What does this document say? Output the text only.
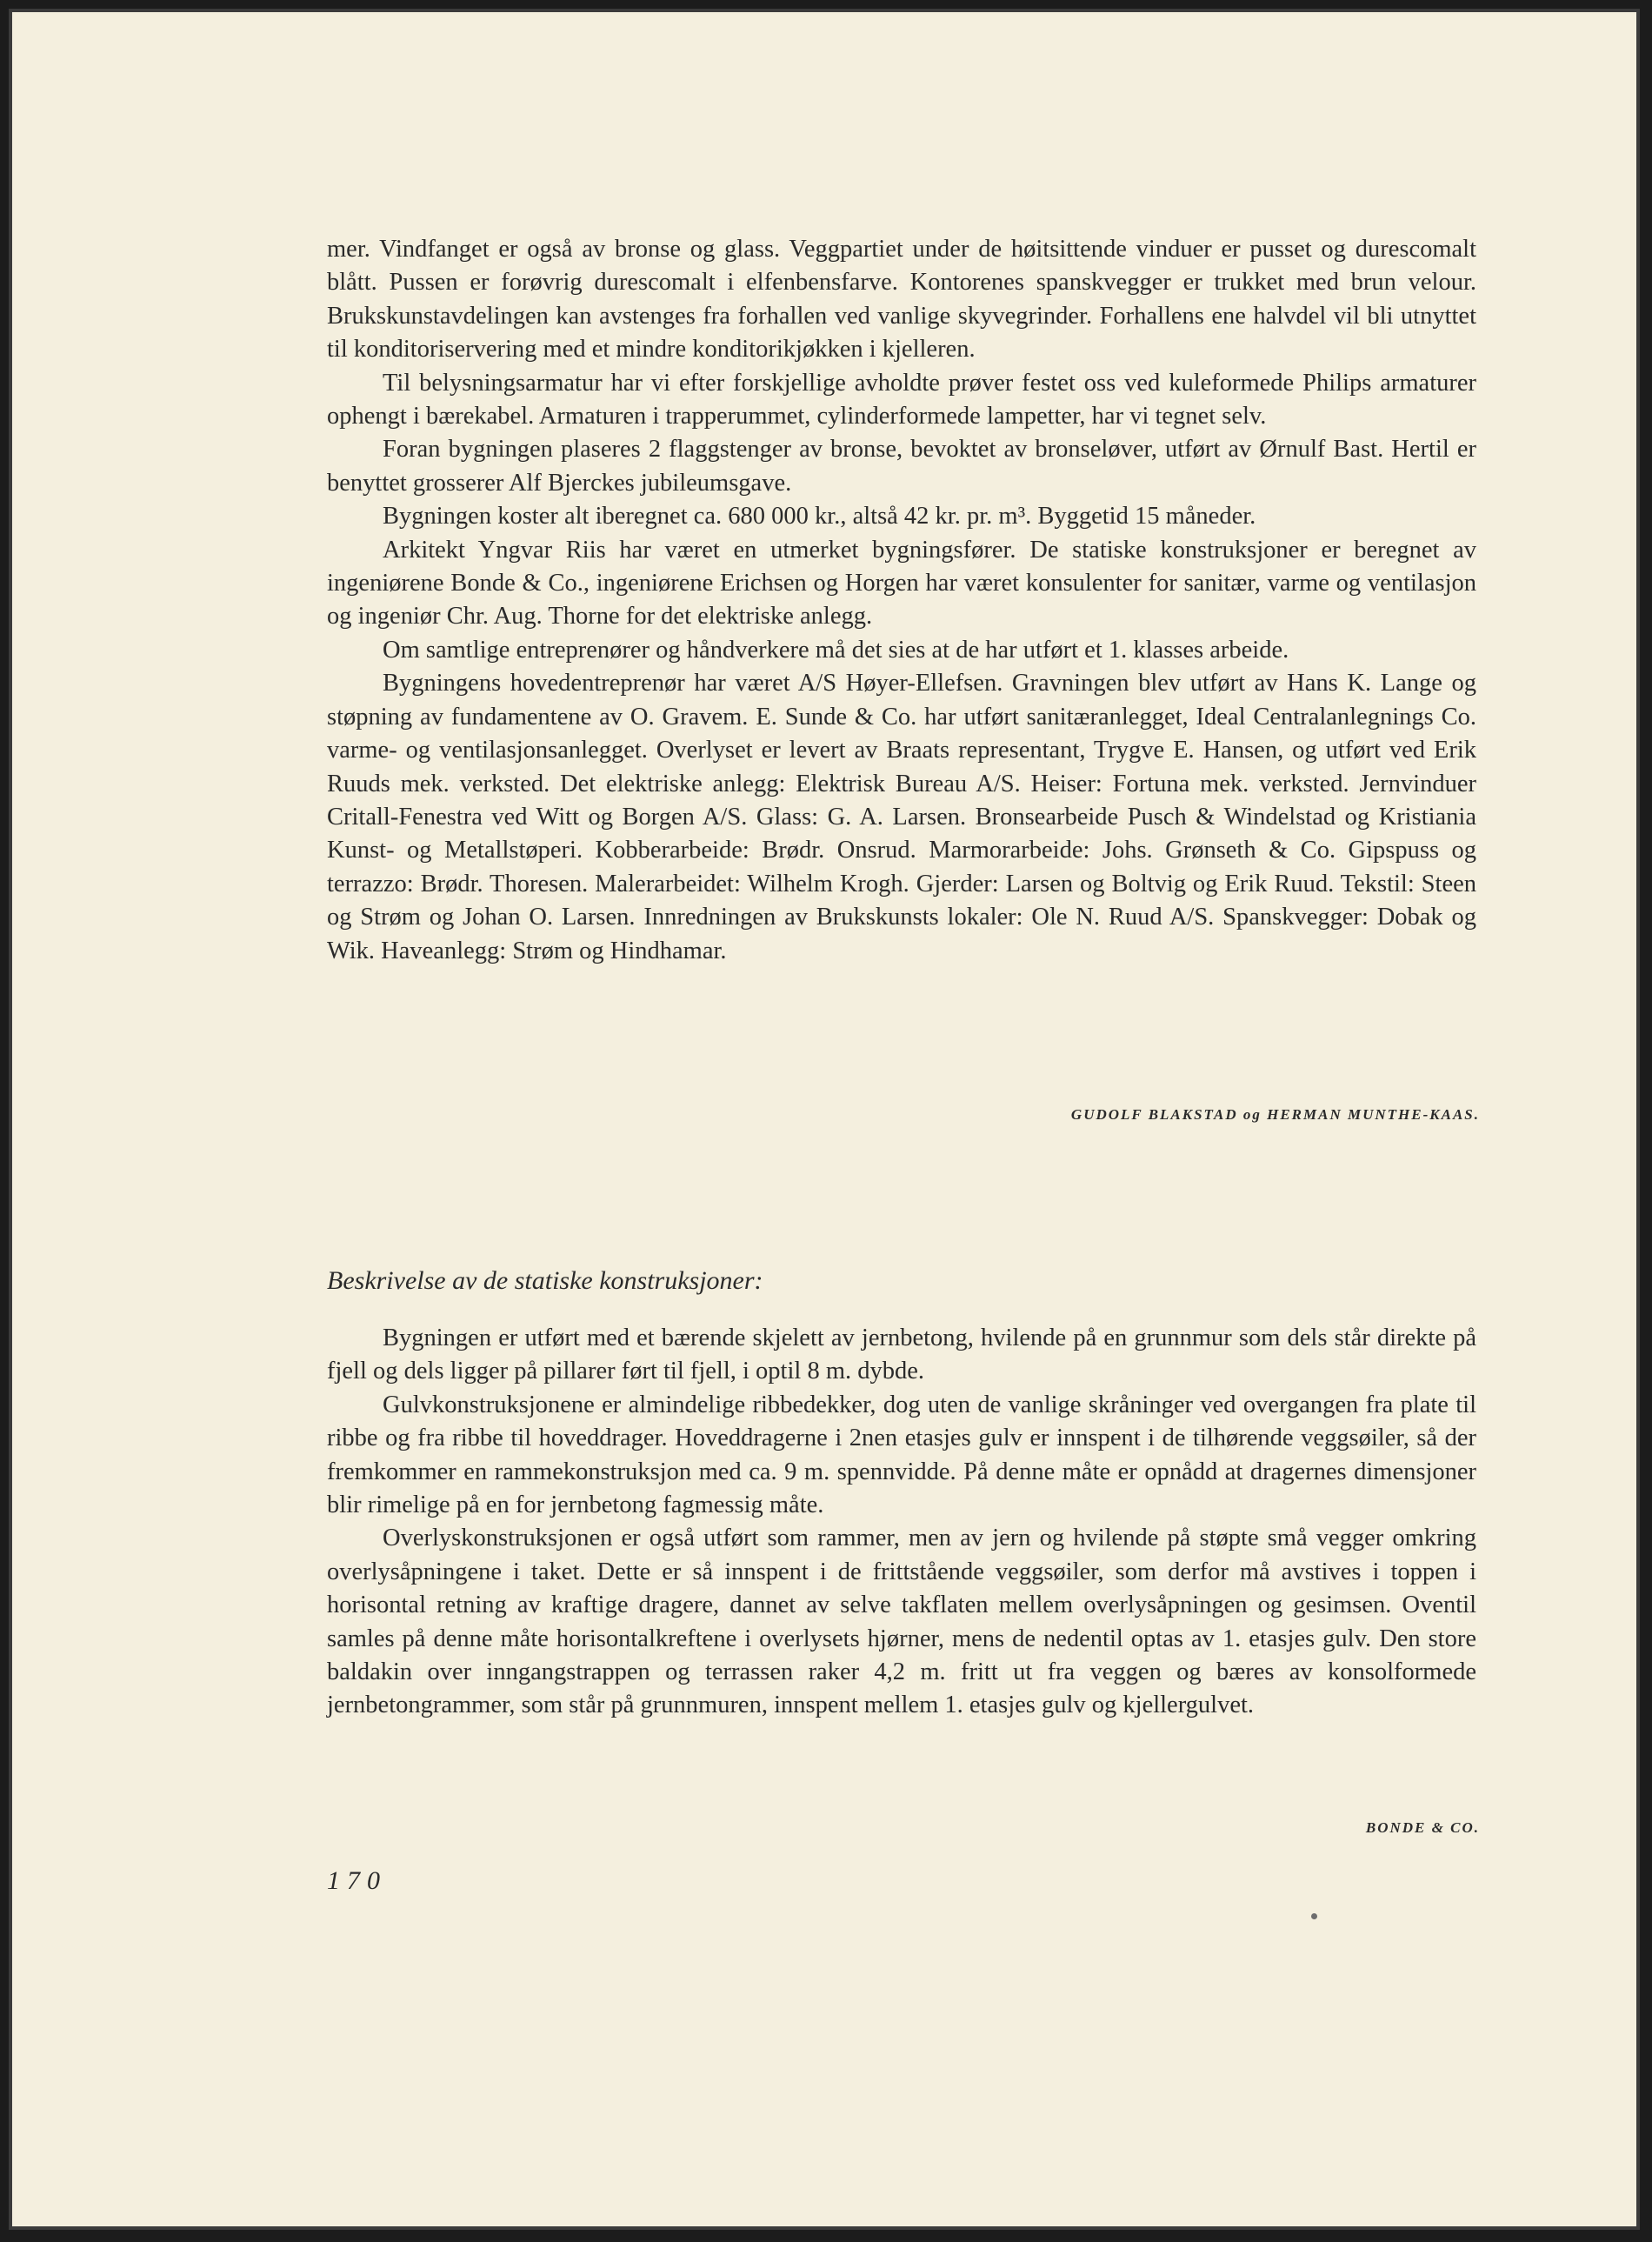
mer. Vindfanget er også av bronse og glass. Veggpartiet under de høitsittende vinduer er pusset og durescomalt blått. Pussen er forøvrig durescomalt i elfenbensfarve. Kontorenes spanskvegger er trukket med brun velour. Brukskunstavdelingen kan avstenges fra forhallen ved vanlige skyvegrinder. Forhallens ene halvdel vil bli utnyttet til konditoriservering med et mindre konditorikjøkken i kjelleren.

Til belysningsarmatur har vi efter forskjellige avholdte prøver festet oss ved kuleformede Philips armaturer ophengt i bærekabel. Armaturen i trapperummet, cylinderformede lampetter, har vi tegnet selv.

Foran bygningen plaseres 2 flaggstenger av bronse, bevoktet av bronseløver, utført av Ørnulf Bast. Hertil er benyttet grosserer Alf Bjerckes jubileumsgave.

Bygningen koster alt iberegnet ca. 680 000 kr., altså 42 kr. pr. m³. Byggetid 15 måneder.

Arkitekt Yngvar Riis har været en utmerket bygningsfører. De statiske konstruksjoner er beregnet av ingeniørene Bonde & Co., ingeniørene Erichsen og Horgen har været konsulenter for sanitær, varme og ventilasjon og ingeniør Chr. Aug. Thorne for det elektriske anlegg.

Om samtlige entreprenører og håndverkere må det sies at de har utført et 1. klasses arbeide.

Bygningens hovedentreprenør har været A/S Høyer-Ellefsen. Gravningen blev utført av Hans K. Lange og støpning av fundamentene av O. Gravem. E. Sunde & Co. har utført sanitæranlegget, Ideal Centralanlegnings Co. varme- og ventilasjonsanlegget. Overlyset er levert av Braats representant, Trygve E. Hansen, og utført ved Erik Ruuds mek. verksted. Det elektriske anlegg: Elektrisk Bureau A/S. Heiser: Fortuna mek. verksted. Jernvinduer Critall-Fenestra ved Witt og Borgen A/S. Glass: G. A. Larsen. Bronsearbeide Pusch & Windelstad og Kristiania Kunst- og Metallstøperi. Kobberarbeide: Brødr. Onsrud. Marmorarbeide: Johs. Grønseth & Co. Gipspuss og terrazzo: Brødr. Thoresen. Malerarbeidet: Wilhelm Krogh. Gjerder: Larsen og Boltvig og Erik Ruud. Tekstil: Steen og Strøm og Johan O. Larsen. Innredningen av Brukskunsts lokaler: Ole N. Ruud A/S. Spanskvegger: Dobak og Wik. Haveanlegg: Strøm og Hindhamar.

GUDOLF BLAKSTAD og HERMAN MUNTHE-KAAS.
Beskrivelse av de statiske konstruksjoner:

Bygningen er utført med et bærende skjelett av jernbetong, hvilende på en grunnmur som dels står direkte på fjell og dels ligger på pillarer ført til fjell, i optil 8 m. dybde.

Gulvkonstruksjonene er almindelige ribbedekker, dog uten de vanlige skråninger ved overgangen fra plate til ribbe og fra ribbe til hoveddrager. Hoveddragerne i 2nen etasjes gulv er innspent i de tilhørende veggsøiler, så der fremkommer en rammekonstruksjon med ca. 9 m. spennvidde. På denne måte er opnådd at dragernes dimensjoner blir rimelige på en for jernbetong fagmessig måte.

Overlyskonstruksjonen er også utført som rammer, men av jern og hvilende på støpte små vegger omkring overlysåpningene i taket. Dette er så innspent i de frittstående veggsøiler, som derfor må avstives i toppen i horisontal retning av kraftige dragere, dannet av selve takflaten mellem overlysåpningen og gesimsen. Oventil samles på denne måte horisontalkreftene i overlysets hjørner, mens de nedentil optas av 1. etasjes gulv. Den store baldakin over inngangstrappen og terrassen raker 4,2 m. fritt ut fra veggen og bæres av konsolformede jernbetongrammer, som står på grunnmuren, innspent mellem 1. etasjes gulv og kjellergulvet.

BONDE & CO.
170
